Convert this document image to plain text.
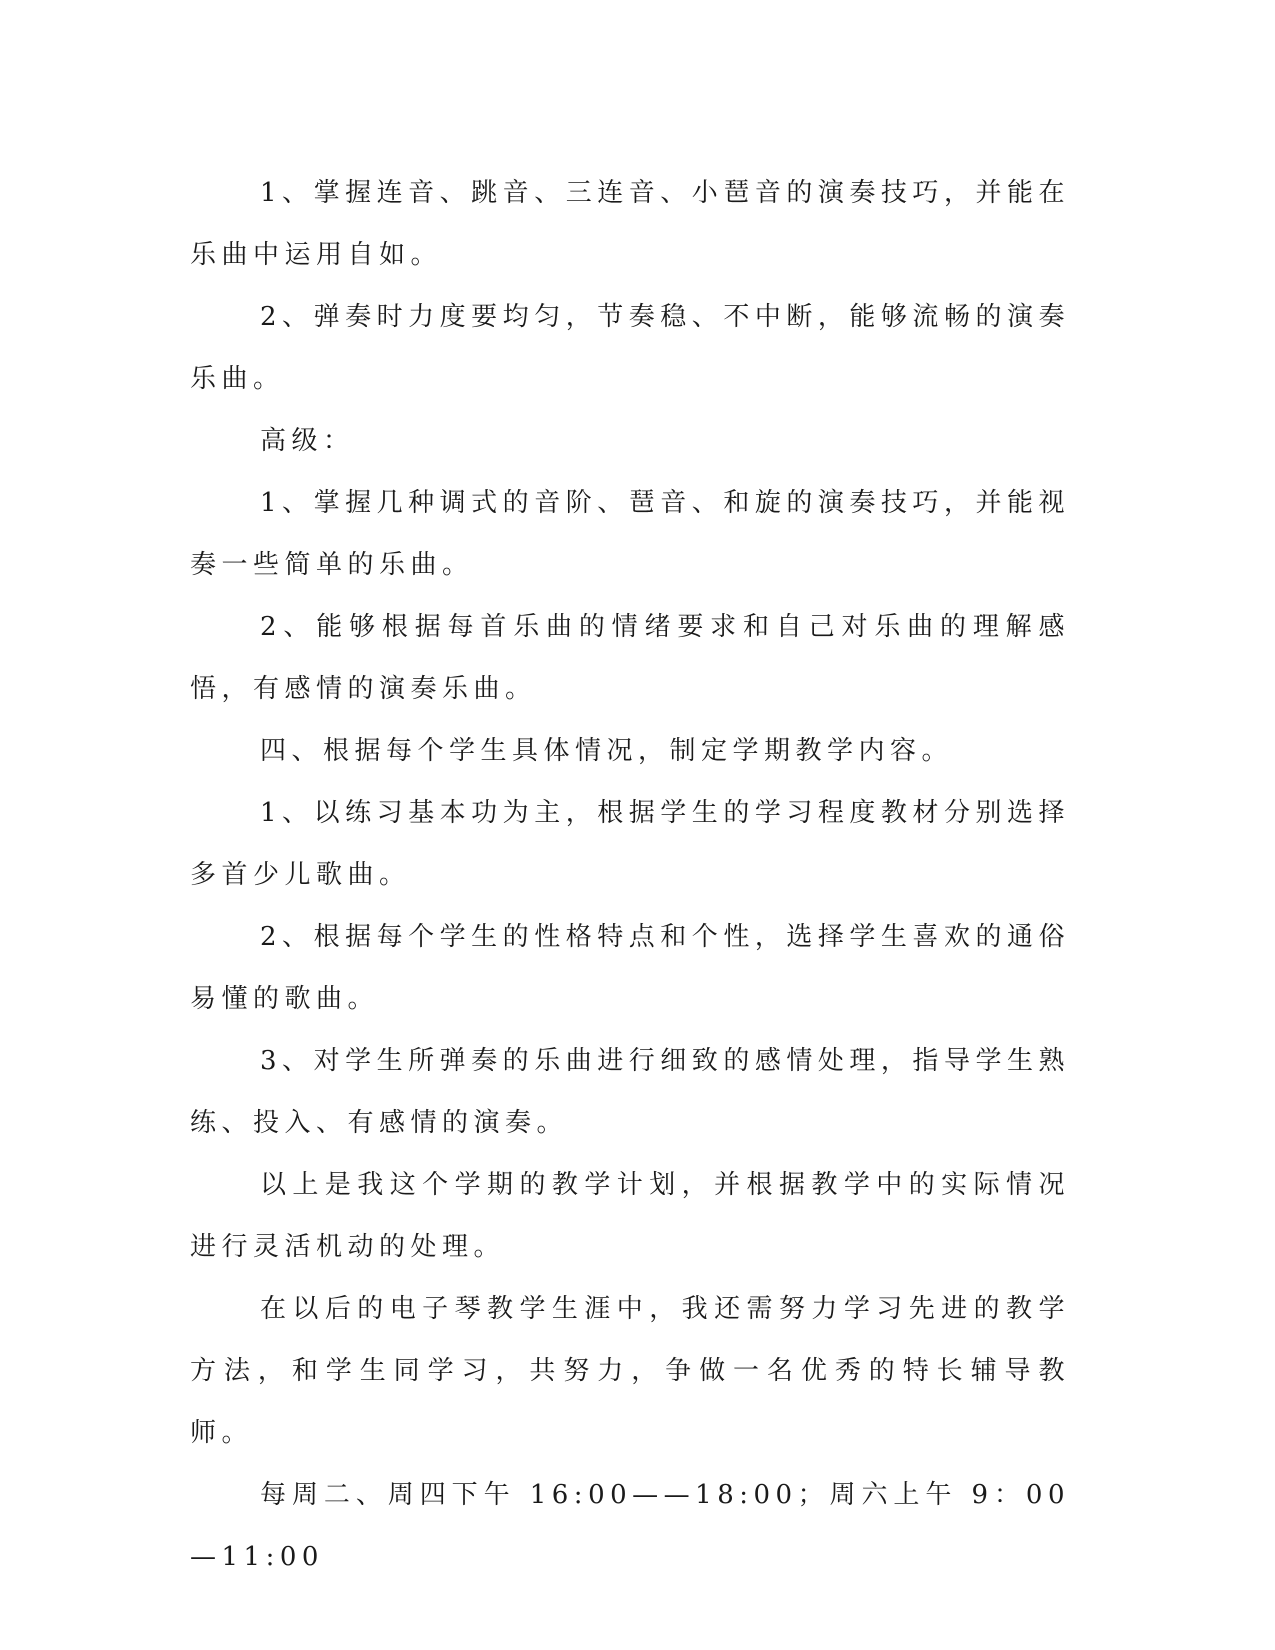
1、掌握连音、跳音、三连音、小琶音的演奏技巧，并能在乐曲中运用自如。

2、弹奏时力度要均匀，节奏稳、不中断，能够流畅的演奏乐曲。

高级：

1、掌握几种调式的音阶、琶音、和旋的演奏技巧，并能视奏一些简单的乐曲。

2、能够根据每首乐曲的情绪要求和自己对乐曲的理解感悟，有感情的演奏乐曲。

四、根据每个学生具体情况，制定学期教学内容。

1、以练习基本功为主，根据学生的学习程度教材分别选择多首少儿歌曲。

2、根据每个学生的性格特点和个性，选择学生喜欢的通俗易懂的歌曲。

3、对学生所弹奏的乐曲进行细致的感情处理，指导学生熟练、投入、有感情的演奏。

以上是我这个学期的教学计划，并根据教学中的实际情况进行灵活机动的处理。

在以后的电子琴教学生涯中，我还需努力学习先进的教学方法，和学生同学习，共努力，争做一名优秀的特长辅导教师。

每周二、周四下午 16:00——18:00；周六上午 9：00—11:00
